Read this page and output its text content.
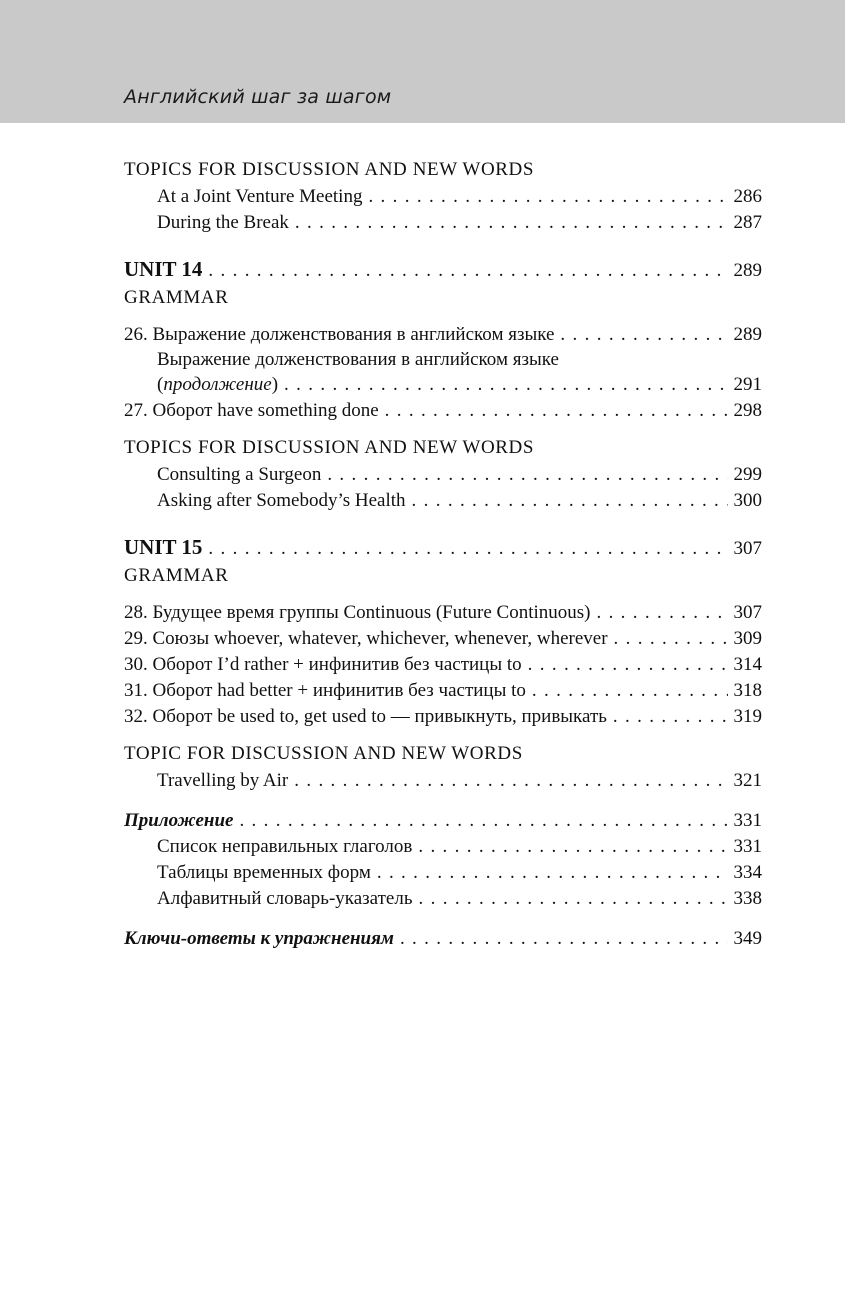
Английский шаг за шагом
TOPICS FOR DISCUSSION AND NEW WORDS
At a Joint Venture Meeting . . .	286
During the Break . . .	287
UNIT 14 . . .	289
GRAMMAR
26. Выражение долженствования в английском языке . . .	289
Выражение долженствования в английском языке
(продолжение) . . .	291
27. Оборот have something done . . .	298
TOPICS FOR DISCUSSION AND NEW WORDS
Consulting a Surgeon . . .	299
Asking after Somebody’s Health . . .	300
UNIT 15 . . .	307
GRAMMAR
28. Будущее время группы Continuous (Future Continuous) . . .	307
29. Союзы whoever, whatever, whichever, whenever, wherever . . .	309
30. Оборот I’d rather + инфинитив без частицы to . . .	314
31. Оборот had better + инфинитив без частицы to . . .	318
32. Оборот be used to, get used to — привыкнуть, привыкать . . .	319
TOPIC FOR DISCUSSION AND NEW WORDS
Travelling by Air . . .	321
Приложение . . .	331
Список неправильных глаголов . . .	331
Таблицы временных форм . . .	334
Алфавитный словарь-указатель . . .	338
Ключи-ответы к упражнениям . . .	349
